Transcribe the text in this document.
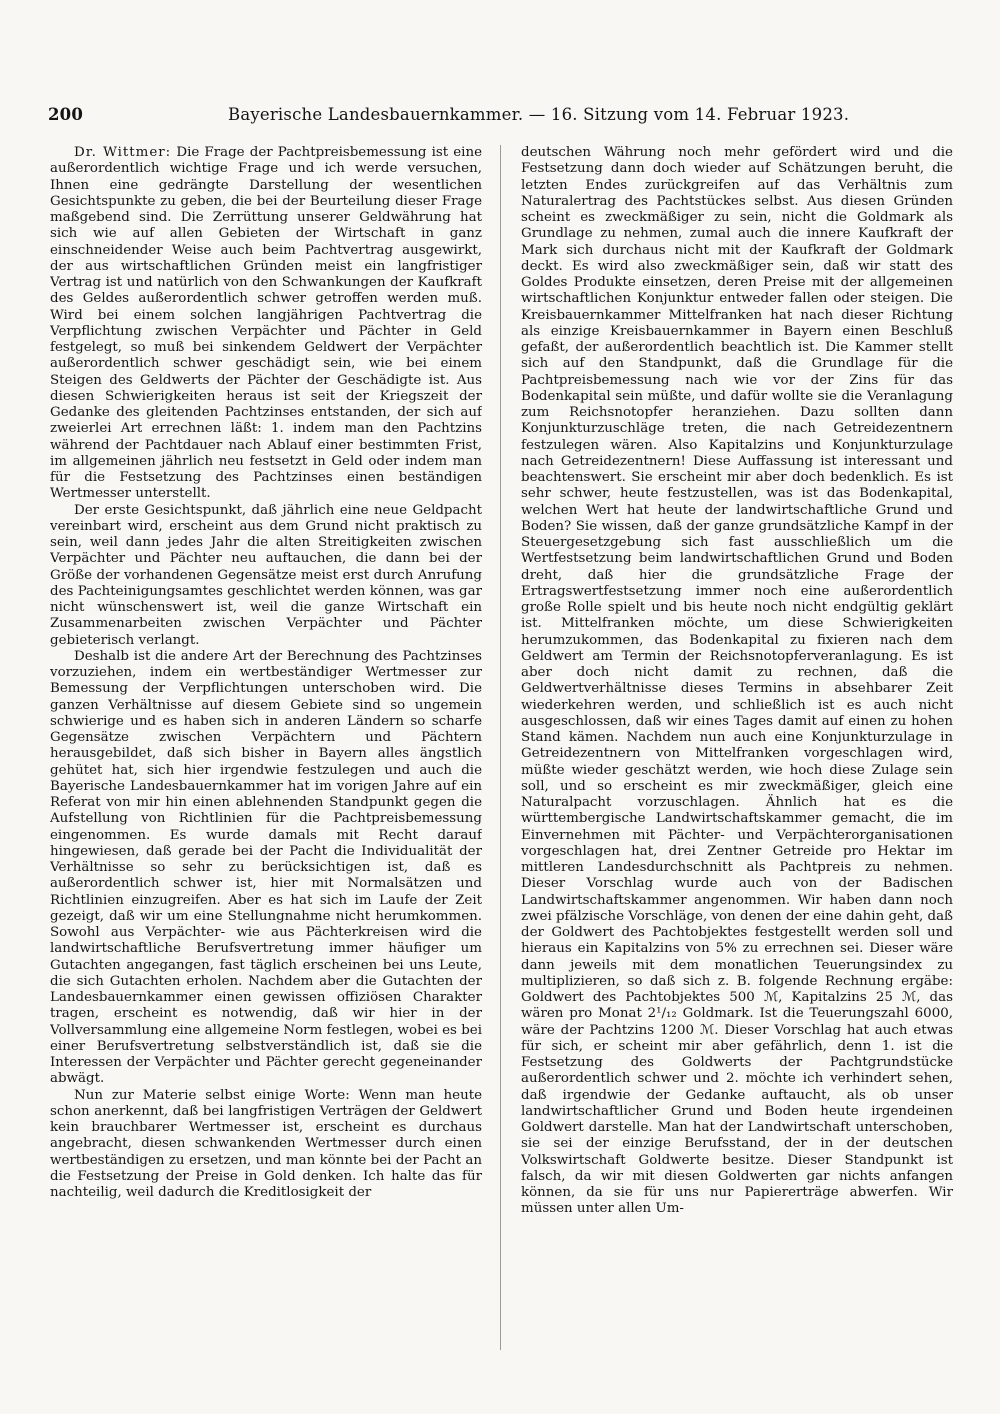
200	Bayerische Landesbauernkammer. — 16. Sitzung vom 14. Februar 1923.

Dr. Wittmer: Die Frage der Pachtpreisbemessung ist eine außerordentlich wichtige Frage und ich werde versuchen, Ihnen eine gedrängte Darstellung der wesentlichen Gesichtspunkte zu geben, die bei der Beurteilung dieser Frage maßgebend sind. Die Zerrüttung unserer Geldwährung hat sich wie auf allen Gebieten der Wirtschaft in ganz einschneidender Weise auch beim Pachtvertrag ausgewirkt, der aus wirtschaftlichen Gründen meist ein langfristiger Vertrag ist und natürlich von den Schwankungen der Kaufkraft des Geldes außerordentlich schwer getroffen werden muß. Wird bei einem solchen langjährigen Pachtvertrag die Verpflichtung zwischen Verpächter und Pächter in Geld festgelegt, so muß bei sinkendem Geldwert der Verpächter außerordentlich schwer geschädigt sein, wie bei einem Steigen des Geldwerts der Pächter der Geschädigte ist. Aus diesen Schwierigkeiten heraus ist seit der Kriegszeit der Gedanke des gleitenden Pachtzinses entstanden, der sich auf zweierlei Art errechnen läßt: 1. indem man den Pachtzins während der Pachtdauer nach Ablauf einer bestimmten Frist, im allgemeinen jährlich neu festsetzt in Geld oder indem man für die Festsetzung des Pachtzinses einen beständigen Wertmesser unterstellt.

Der erste Gesichtspunkt, daß jährlich eine neue Geldpacht vereinbart wird, erscheint aus dem Grund nicht praktisch zu sein, weil dann jedes Jahr die alten Streitigkeiten zwischen Verpächter und Pächter neu auftauchen, die dann bei der Größe der vorhandenen Gegensätze meist erst durch Anrufung des Pachteinigungsamtes geschlichtet werden können, was gar nicht wünschenswert ist, weil die ganze Wirtschaft ein Zusammenarbeiten zwischen Verpächter und Pächter gebieterisch verlangt.

Deshalb ist die andere Art der Berechnung des Pachtzinses vorzuziehen, indem ein wertbeständiger Wertmesser zur Bemessung der Verpflichtungen unterschoben wird. Die ganzen Verhältnisse auf diesem Gebiete sind so ungemein schwierige und es haben sich in anderen Ländern so scharfe Gegensätze zwischen Verpächtern und Pächtern herausgebildet, daß sich bisher in Bayern alles ängstlich gehütet hat, sich hier irgendwie festzulegen und auch die Bayerische Landesbauernkammer hat im vorigen Jahre auf ein Referat von mir hin einen ablehnenden Standpunkt gegen die Aufstellung von Richtlinien für die Pachtpreisbemessung eingenommen. Es wurde damals mit Recht darauf hingewiesen, daß gerade bei der Pacht die Individualität der Verhältnisse so sehr zu berücksichtigen ist, daß es außerordentlich schwer ist, hier mit Normalsätzen und Richtlinien einzugreifen. Aber es hat sich im Laufe der Zeit gezeigt, daß wir um eine Stellungnahme nicht herumkommen. Sowohl aus Verpächter- wie aus Pächterkreisen wird die landwirtschaftliche Berufsvertretung immer häufiger um Gutachten angegangen, fast täglich erscheinen bei uns Leute, die sich Gutachten erholen. Nachdem aber die Gutachten der Landesbauernkammer einen gewissen offiziösen Charakter tragen, erscheint es notwendig, daß wir hier in der Vollversammlung eine allgemeine Norm festlegen, wobei es bei einer Berufsvertretung selbstverständlich ist, daß sie die Interessen der Verpächter und Pächter gerecht gegeneinander abwägt.

Nun zur Materie selbst einige Worte: Wenn man heute schon anerkennt, daß bei langfristigen Verträgen der Geldwert kein brauchbarer Wertmesser ist, erscheint es durchaus angebracht, diesen schwankenden Wertmesser durch einen wertbeständigen zu ersetzen, und man könnte bei der Pacht an die Festsetzung der Preise in Gold denken. Ich halte das für nachteilig, weil dadurch die Kreditlosigkeit der

deutschen Währung noch mehr gefördert wird und die Festsetzung dann doch wieder auf Schätzungen beruht, die letzten Endes zurückgreifen auf das Verhältnis zum Naturalertrag des Pachtstückes selbst. Aus diesen Gründen scheint es zweckmäßiger zu sein, nicht die Goldmark als Grundlage zu nehmen, zumal auch die innere Kaufkraft der Mark sich durchaus nicht mit der Kaufkraft der Goldmark deckt. Es wird also zweckmäßiger sein, daß wir statt des Goldes Produkte einsetzen, deren Preise mit der allgemeinen wirtschaftlichen Konjunktur entweder fallen oder steigen. Die Kreisbauernkammer Mittelfranken hat nach dieser Richtung als einzige Kreisbauernkammer in Bayern einen Beschluß gefaßt, der außerordentlich beachtlich ist. Die Kammer stellt sich auf den Standpunkt, daß die Grundlage für die Pachtpreisbemessung nach wie vor der Zins für das Bodenkapital sein müßte, und dafür wollte sie die Veranlagung zum Reichsnotopfer heranziehen. Dazu sollten dann Konjunkturzuschläge treten, die nach Getreidezentnern festzulegen wären. Also Kapitalzins und Konjunkturzulage nach Getreidezentnern! Diese Auffassung ist interessant und beachtenswert. Sie erscheint mir aber doch bedenklich. Es ist sehr schwer, heute festzustellen, was ist das Bodenkapital, welchen Wert hat heute der landwirtschaftliche Grund und Boden? Sie wissen, daß der ganze grundsätzliche Kampf in der Steuergesetzgebung sich fast ausschließlich um die Wertfestsetzung beim landwirtschaftlichen Grund und Boden dreht, daß hier die grundsätzliche Frage der Ertragswertfestsetzung immer noch eine außerordentlich große Rolle spielt und bis heute noch nicht endgültig geklärt ist. Mittelfranken möchte, um diese Schwierigkeiten herumzukommen, das Bodenkapital zu fixieren nach dem Geldwert am Termin der Reichsnotopferveranlagung. Es ist aber doch nicht damit zu rechnen, daß die Geldwertverhältnisse dieses Termins in absehbarer Zeit wiederkehren werden, und schließlich ist es auch nicht ausgeschlossen, daß wir eines Tages damit auf einen zu hohen Stand kämen. Nachdem nun auch eine Konjunkturzulage in Getreidezentnern von Mittelfranken vorgeschlagen wird, müßte wieder geschätzt werden, wie hoch diese Zulage sein soll, und so erscheint es mir zweckmäßiger, gleich eine Naturalpacht vorzuschlagen. Ähnlich hat es die württembergische Landwirtschaftskammer gemacht, die im Einvernehmen mit Pächter- und Verpächterorganisationen vorgeschlagen hat, drei Zentner Getreide pro Hektar im mittleren Landesdurchschnitt als Pachtpreis zu nehmen. Dieser Vorschlag wurde auch von der Badischen Landwirtschaftskammer angenommen. Wir haben dann noch zwei pfälzische Vorschläge, von denen der eine dahin geht, daß der Goldwert des Pachtobjektes festgestellt werden soll und hieraus ein Kapitalzins von 5% zu errechnen sei. Dieser wäre dann jeweils mit dem monatlichen Teuerungsindex zu multiplizieren, so daß sich z. B. folgende Rechnung ergäbe: Goldwert des Pachtobjektes 500 ℳ, Kapitalzins 25 ℳ, das wären pro Monat 2¹/₁₂ Goldmark. Ist die Teuerungszahl 6000, wäre der Pachtzins 1200 ℳ. Dieser Vorschlag hat auch etwas für sich, er scheint mir aber gefährlich, denn 1. ist die Festsetzung des Goldwerts der Pachtgrundstücke außerordentlich schwer und 2. möchte ich verhindert sehen, daß irgendwie der Gedanke auftaucht, als ob unser landwirtschaftlicher Grund und Boden heute irgendeinen Goldwert darstelle. Man hat der Landwirtschaft unterschoben, sie sei der einzige Berufsstand, der in der deutschen Volkswirtschaft Goldwerte besitze. Dieser Standpunkt ist falsch, da wir mit diesen Goldwerten gar nichts anfangen können, da sie für uns nur Papiererträge abwerfen. Wir müssen unter allen Um-
